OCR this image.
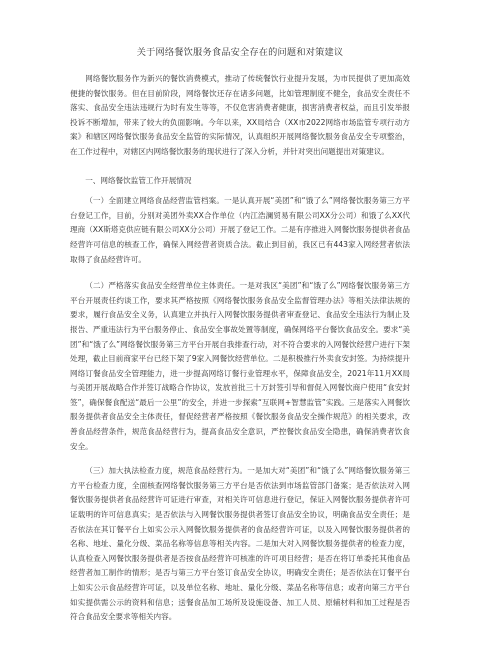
关于网络餐饮服务食品安全存在的问题和对策建议

网络餐饮服务作为新兴的餐饮消费模式，推动了传统餐饮行业提升发展，为市民提供了更加高效便捷的餐饮服务。但在目前阶段，网络餐饮还存在诸多问题，比如管理制度不健全，食品安全责任不落实、食品安全违法违规行为时有发生等等，不仅危害消费者健康，损害消费者权益，而且引发举报投诉不断增加，带来了较大的负面影响。今年以来，XX局结合（XX市2022网络市场监管专项行动方案》和辖区网络餐饮服务食品安全监管的实际情况，认真组织开展网络餐饮服务食品安全专项整治，在工作过程中，对辖区内网络餐饮服务的现状进行了深入分析，并针对突出问题提出对策建议。

一、网络餐饮监管工作开展情况

（一）全面建立网络食品经营监管档案。一是认真开展“美团”和“饿了么”网络餐饮服务第三方平台登记工作，目前，分别对美团外卖XX合作单位（内江浩澜贸易有限公司XX分公司）和饿了么XX代理商（XX斯塔克供应链有限公司XX分公司）开展了登记工作。二是有序推进入网餐饮服务提供者食品经营许可信息的核查工作，确保入网经营者资质合法。截止到目前，我区已有443家入网经营者依法取得了食品经营许可。

（二）严格落实食品安全经营单位主体责任。一是对我区“美团”和“饿了么”网络餐饮服务第三方平台开展责任约谈工作，要求其严格按照《网络餐饮服务食品安全监督管理办法》等相关法律法规的要求，履行食品安全义务，认真建立并执行入网餐饮服务提供者审查登记、食品安全违法行为制止及报告、严重违法行为平台服务停止、食品安全事故处置等制度，确保网络平台餐饮食品安全。要求“美团”和“饿了么”网络餐饮服务第三方平台开展自我排查行动，对不符合要求的入网餐饮经营户进行下架处理，截止目前商家平台已经下架了9家入网餐饮经营单位。二是积极推行外卖食安封签。为持续提升网络订餐食品安全管理能力，进一步提高网络订餐行业管理水平，保障食品安全，2021年11月XX局与美团开展战略合作并签订战略合作协议，发放首批三十万封签引导和督促入网餐饮商户使用“食安封签”，确保餐食配送“最后一公里”的安全，并进一步探索“互联网+智慧监管”实践。三是落实入网餐饮服务提供者食品安全主体责任，督促经营者严格按照《餐饮服务食品安全操作规范》的相关要求，改善食品经营条件，规范食品经营行为，提高食品安全意识，严控餐饮食品安全隐患，确保消费者饮食安全。

（三）加大执法检查力度，规范食品经营行为。一是加大对“美团”和“饿了么”网络餐饮服务第三方平台检查力度，全面核查网络餐饮服务第三方平台是否依法到市场监管部门备案；是否依法对入网餐饮服务提供者食品经营许可证进行审查，对相关许可信息进行登记，保证入网餐饮服务提供者许可证载明的许可信息真实；是否依法与入网餐饮服务提供者签订食品安全协议，明确食品安全责任；是否依法在其订餐平台上如实公示入网餐饮服务提供者的食品经营许可证，以及入网餐饮服务提供者的名称、地址、量化分级、菜品名称等信息等相关内容。二是加大对入网餐饮服务提供者的检查力度，认真检查入网餐饮服务提供者是否按食品经营许可核准的许可项目经营；是否在将订单委托其他食品经营者加工制作的情形；是否与第三方平台签订食品安全协议，明确安全责任；是否依法在订餐平台上如实公示食品经营许可证，以及单位名称、地址、量化分级、菜品名称等信息；或者向第三方平台如实提供需公示的资料和信息；送餐食品加工场所及设施设备、加工人员、原辅材料和加工过程是否符合食品安全要求等相关内容。
